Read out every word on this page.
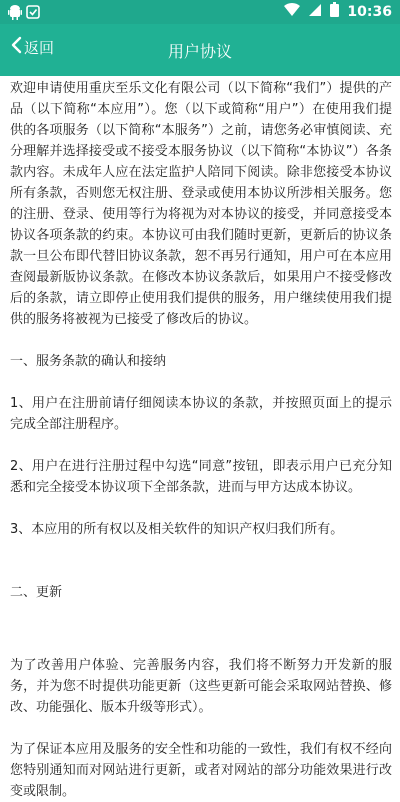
10:36
返回	用户协议

欢迎申请使用重庆至乐文化有限公司（以下简称“我们”）提供的产品（以下简称“本应用”）。您（以下或简称“用户”）在使用我们提供的各项服务（以下简称“本服务”）之前，请您务必审慎阅读、充分理解并选择接受或不接受本服务协议（以下简称“本协议”）各条款内容。未成年人应在法定监护人陪同下阅读。除非您接受本协议所有条款，否则您无权注册、登录或使用本协议所涉相关服务。您的注册、登录、使用等行为将视为对本协议的接受，并同意接受本协议各项条款的约束。本协议可由我们随时更新，更新后的协议条款一旦公布即代替旧协议条款，恕不再另行通知，用户可在本应用查阅最新版协议条款。在修改本协议条款后，如果用户不接受修改后的条款，请立即停止使用我们提供的服务，用户继续使用我们提供的服务将被视为已接受了修改后的协议。

一、服务条款的确认和接纳

1、用户在注册前请仔细阅读本协议的条款，并按照页面上的提示完成全部注册程序。

2、用户在进行注册过程中勾选“同意”按钮，即表示用户已充分知悉和完全接受本协议项下全部条款，进而与甲方达成本协议。

3、本应用的所有权以及相关软件的知识产权归我们所有。

二、更新

为了改善用户体验、完善服务内容，我们将不断努力开发新的服务，并为您不时提供功能更新（这些更新可能会采取网站替换、修改、功能强化、版本升级等形式）。

为了保证本应用及服务的安全性和功能的一致性，我们有权不经向您特别通知而对网站进行更新，或者对网站的部分功能效果进行改变或限制。
